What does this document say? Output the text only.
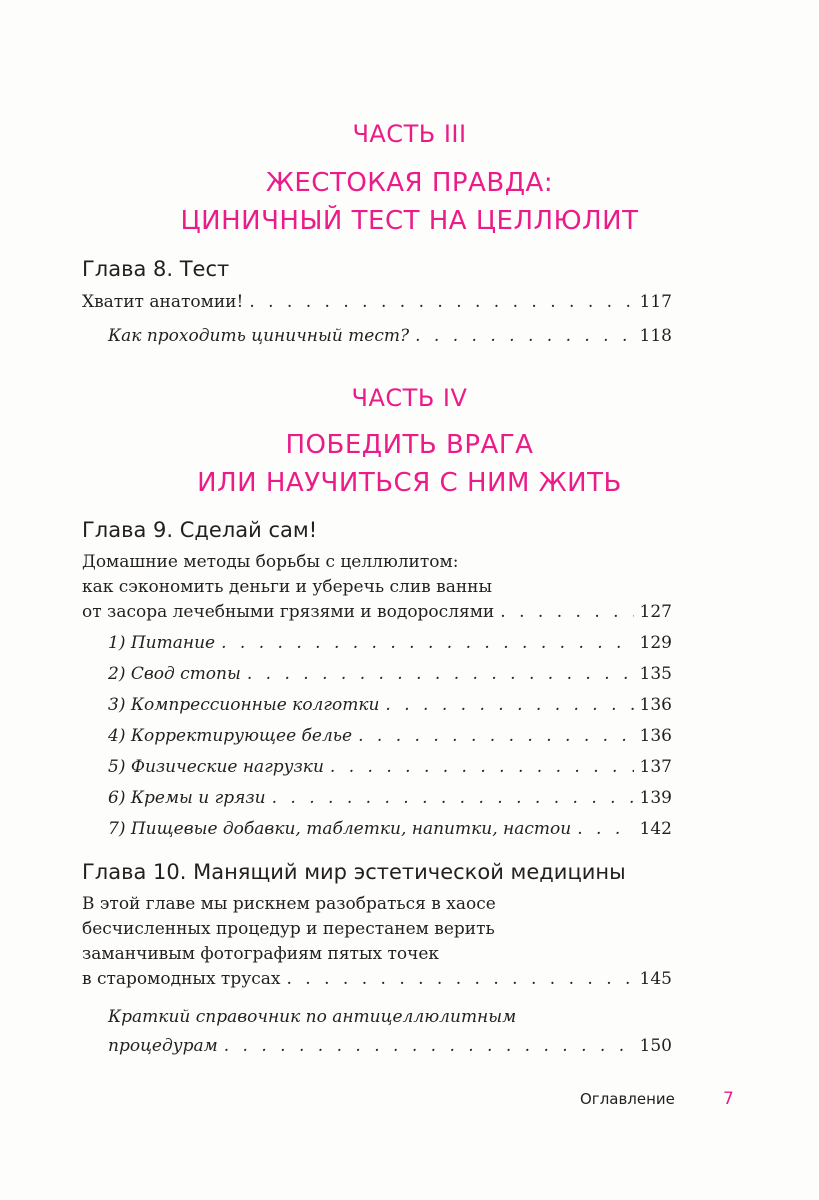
ЧАСТЬ III
ЖЕСТОКАЯ ПРАВДА:
ЦИНИЧНЫЙ ТЕСТ НА ЦЕЛЛЮЛИТ
Глава 8. Тест
Хватит анатомии! . . .	117
Как проходить циничный тест? . . .	118
ЧАСТЬ IV
ПОБЕДИТЬ ВРАГА
ИЛИ НАУЧИТЬСЯ С НИМ ЖИТЬ
Глава 9. Сделай сам!
Домашние методы борьбы с целлюлитом:
как сэкономить деньги и уберечь слив ванны
от засора лечебными грязями и водорослями . . .	127
1) Питание . . .	129
2) Свод стопы . . .	135
3) Компрессионные колготки . . .	136
4) Корректирующее белье . . .	136
5) Физические нагрузки . . .	137
6) Кремы и грязи . . .	139
7) Пищевые добавки, таблетки, напитки, настои . . .	142
Глава 10. Манящий мир эстетической медицины
В этой главе мы рискнем разобраться в хаосе
бесчисленных процедур и перестанем верить
заманчивым фотографиям пятых точек
в старомодных трусах . . .	145
Краткий справочник по антицеллюлитным
процедурам . . .	150
Оглавление	7
